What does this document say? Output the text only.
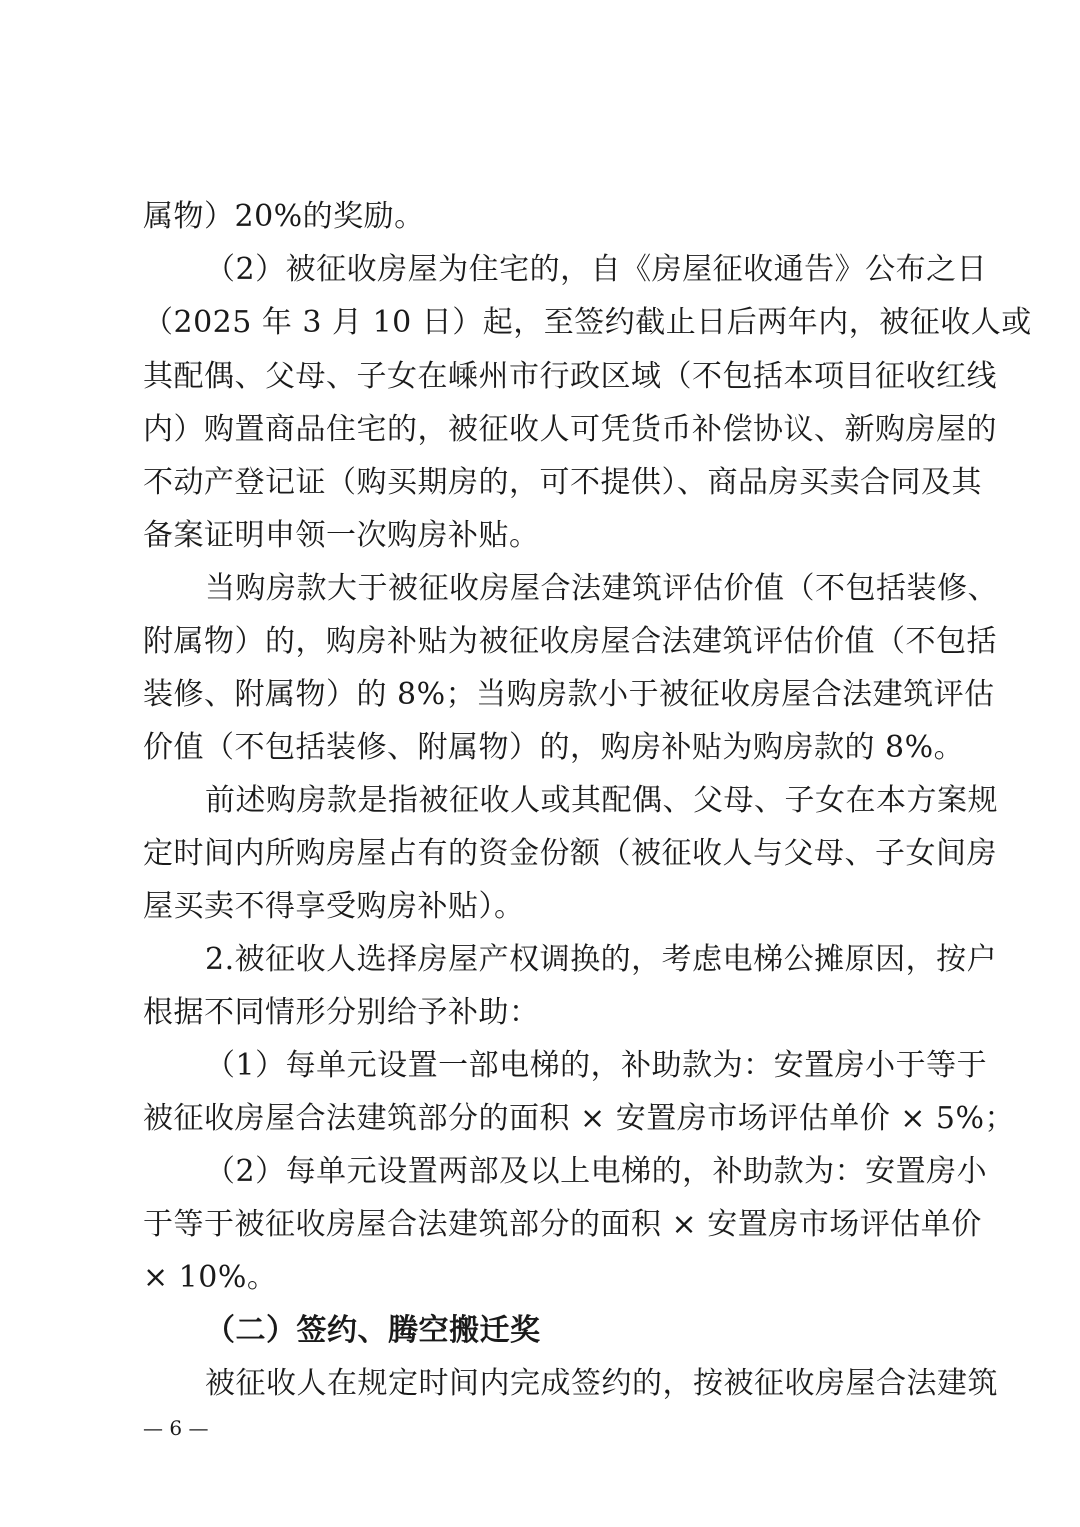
属物）20%的奖励。
（2）被征收房屋为住宅的，自《房屋征收通告》公布之日
（2025 年 3 月 10 日）起，至签约截止日后两年内，被征收人或
其配偶、父母、子女在嵊州市行政区域（不包括本项目征收红线
内）购置商品住宅的，被征收人可凭货币补偿协议、新购房屋的
不动产登记证（购买期房的，可不提供）、商品房买卖合同及其
备案证明申领一次购房补贴。
当购房款大于被征收房屋合法建筑评估价值（不包括装修、
附属物）的，购房补贴为被征收房屋合法建筑评估价值（不包括
装修、附属物）的 8%；当购房款小于被征收房屋合法建筑评估
价值（不包括装修、附属物）的，购房补贴为购房款的 8%。
前述购房款是指被征收人或其配偶、父母、子女在本方案规
定时间内所购房屋占有的资金份额（被征收人与父母、子女间房
屋买卖不得享受购房补贴）。
2.被征收人选择房屋产权调换的，考虑电梯公摊原因，按户
根据不同情形分别给予补助：
（1）每单元设置一部电梯的，补助款为：安置房小于等于
被征收房屋合法建筑部分的面积 × 安置房市场评估单价 × 5%；
（2）每单元设置两部及以上电梯的，补助款为：安置房小
于等于被征收房屋合法建筑部分的面积 × 安置房市场评估单价
× 10%。
（二）签约、腾空搬迁奖
被征收人在规定时间内完成签约的，按被征收房屋合法建筑
— 6 —
